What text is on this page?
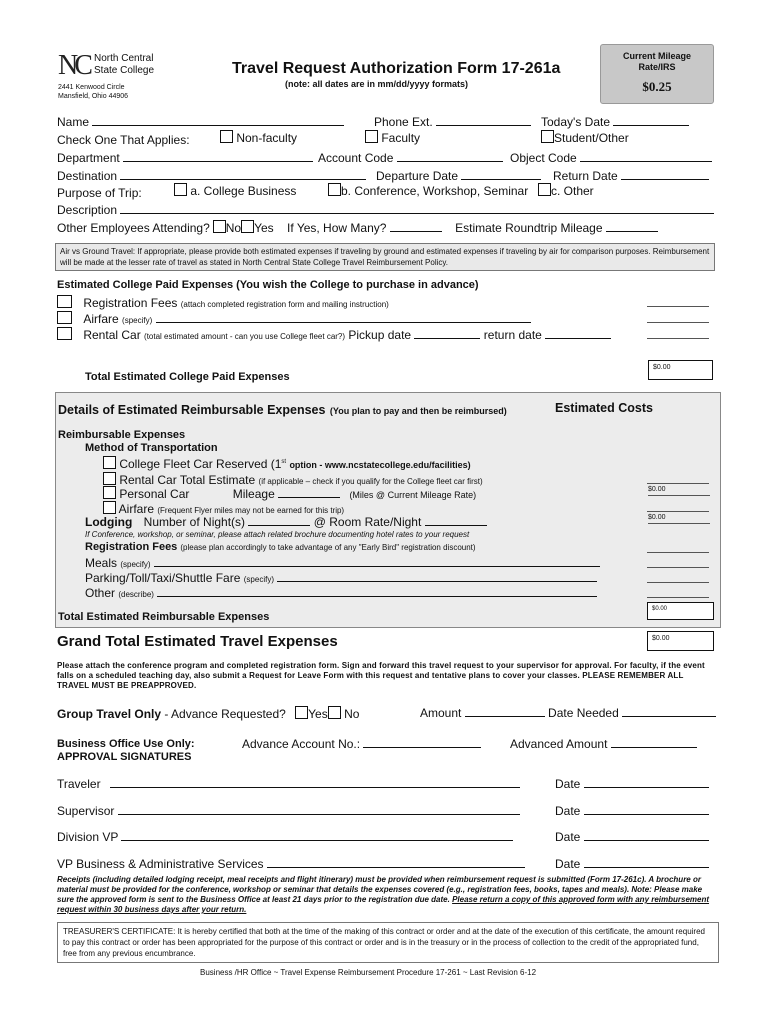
NC North Central
State College
2441 Kenwood Circle
Mansfield, Ohio 44906
Travel Request Authorization Form 17-261a
(note: all dates are in mm/dd/yyyy formats)
Current Mileage
Rate/IRS
$0.25
Name	Phone Ext.	Today's Date
Check One That Applies:	Non-faculty	Faculty	Student/Other
Department	Account Code	Object Code
Destination	Departure Date	Return Date
Purpose of Trip:	a. College Business	b. Conference, Workshop, Seminar	c. Other
Description
Other Employees Attending? No Yes If Yes, How Many?	Estimate Roundtrip Mileage
Air vs Ground Travel: If appropriate, please provide both estimated expenses if traveling by ground and estimated expenses if traveling by air for comparison purposes. Reimbursement will be made at the lesser rate of travel as stated in North Central State College Travel Reimbursement Policy.
Estimated College Paid Expenses (You wish the College to purchase in advance)
Registration Fees (attach completed registration form and mailing instruction)
Airfare (specify)
Rental Car (total estimated amount - can you use College fleet car?) Pickup date	return date
Total Estimated College Paid Expenses
$0.00
Details of Estimated Reimbursable Expenses (You plan to pay and then be reimbursed)	Estimated Costs
Reimbursable Expenses
Method of Transportation
College Fleet Car Reserved (1st option - www.ncstatecollege.edu/facilities)
Rental Car Total Estimate (if applicable – check if you qualify for the College fleet car first)
Personal Car	Mileage	(Miles @ Current Mileage Rate)
$0.00
Airfare (Frequent Flyer miles may not be earned for this trip)
Lodging Number of Night(s)	@ Room Rate/Night	$0.00
If Conference, workshop, or seminar, please attach related brochure documenting hotel rates to your request
Registration Fees (please plan accordingly to take advantage of any "Early Bird" registration discount)
Meals (specify)
Parking/Toll/Taxi/Shuttle Fare (specify)
Other (describe)
Total Estimated Reimbursable Expenses
$0.00
Grand Total Estimated Travel Expenses	$0.00
Please attach the conference program and completed registration form. Sign and forward this travel request to your supervisor for approval. For faculty, if the event falls on a scheduled teaching day, also submit a Request for Leave Form with this request and tentative plans to cover your classes. PLEASE REMEMBER ALL TRAVEL MUST BE PREAPPROVED.
Group Travel Only - Advance Requested? Yes No	Amount	Date Needed
Business Office Use Only:
APPROVAL SIGNATURES
Advance Account No.:	Advanced Amount
Traveler	Date
Supervisor	Date
Division VP	Date
VP Business & Administrative Services	Date
Receipts (including detailed lodging receipt, meal receipts and flight itinerary) must be provided when reimbursement request is submitted (Form 17-261c). A brochure or material must be provided for the conference, workshop or seminar that details the expenses covered (e.g., registration fees, books, tapes and meals). Note: Please make sure the approved form is sent to the Business Office at least 21 days prior to the registration due date. Please return a copy of this approved form with any reimbursement request within 30 business days after your return.
TREASURER'S CERTIFICATE: It is hereby certified that both at the time of the making of this contract or order and at the date of the execution of this certificate, the amount required to pay this contract or order has been appropriated for the purpose of this contract or order and is in the treasury or in the process of collection to the credit of the appropriated fund, free from any previous encumbrance.
Business /HR Office ~ Travel Expense Reimbursement Procedure 17-261 ~ Last Revision 6-12
